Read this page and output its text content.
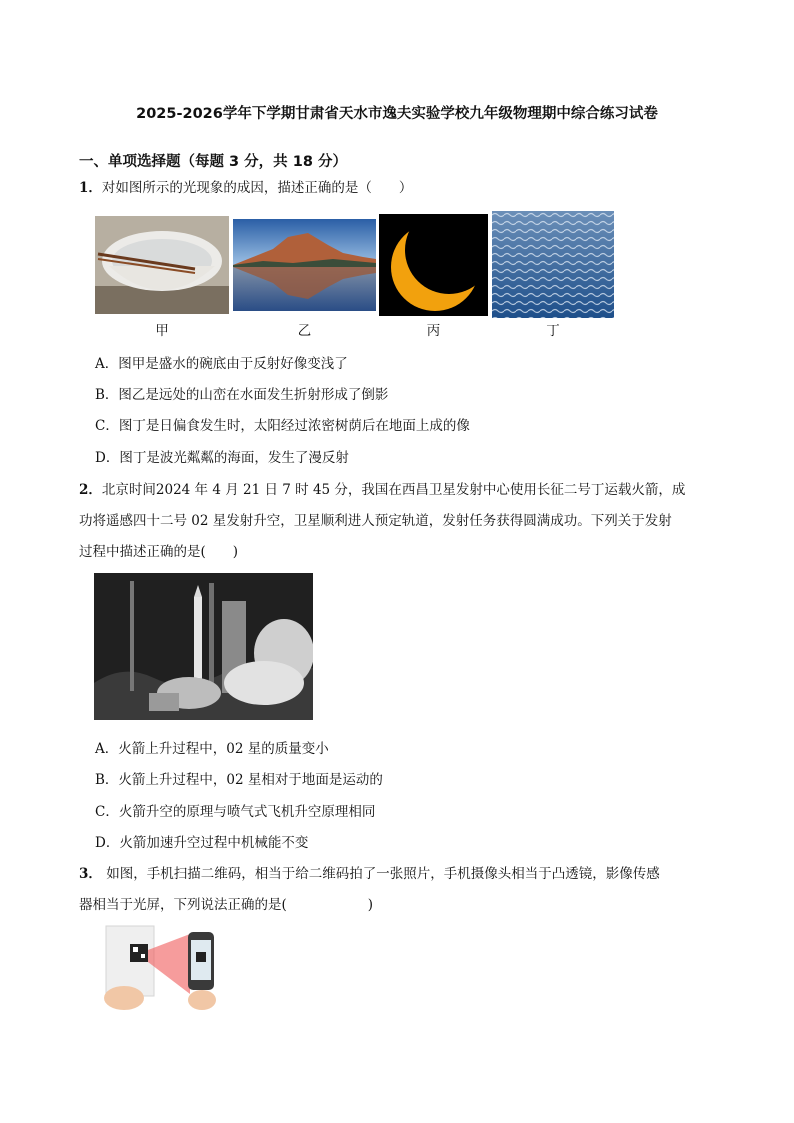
2025-2026学年下学期甘肃省天水市逸夫实验学校九年级物理期中综合练习试卷
一、单项选择题（每题 3 分，共 18 分）
1．对如图所示的光现象的成因，描述正确的是（　　）
甲	乙	丙	丁
A．图甲是盛水的碗底由于反射好像变浅了
B．图乙是远处的山峦在水面发生折射形成了倒影
C．图丁是日偏食发生时，太阳经过浓密树荫后在地面上成的像
D．图丁是波光粼粼的海面，发生了漫反射
2．北京时间2024 年 4 月 21 日 7 时 45 分，我国在西昌卫星发射中心使用长征二号丁运载火箭，成
功将遥感四十二号 02 星发射升空，卫星顺利进人预定轨道，发射任务获得圆满成功。下列关于发射
过程中描述正确的是(　　)
A．火箭上升过程中，02 星的质量变小
B．火箭上升过程中，02 星相对于地面是运动的
C．火箭升空的原理与喷气式飞机升空原理相同
D．火箭加速升空过程中机械能不变
3． 如图，手机扫描二维码，相当于给二维码拍了一张照片，手机摄像头相当于凸透镜，影像传感
器相当于光屏，下列说法正确的是(　　　　　　)
